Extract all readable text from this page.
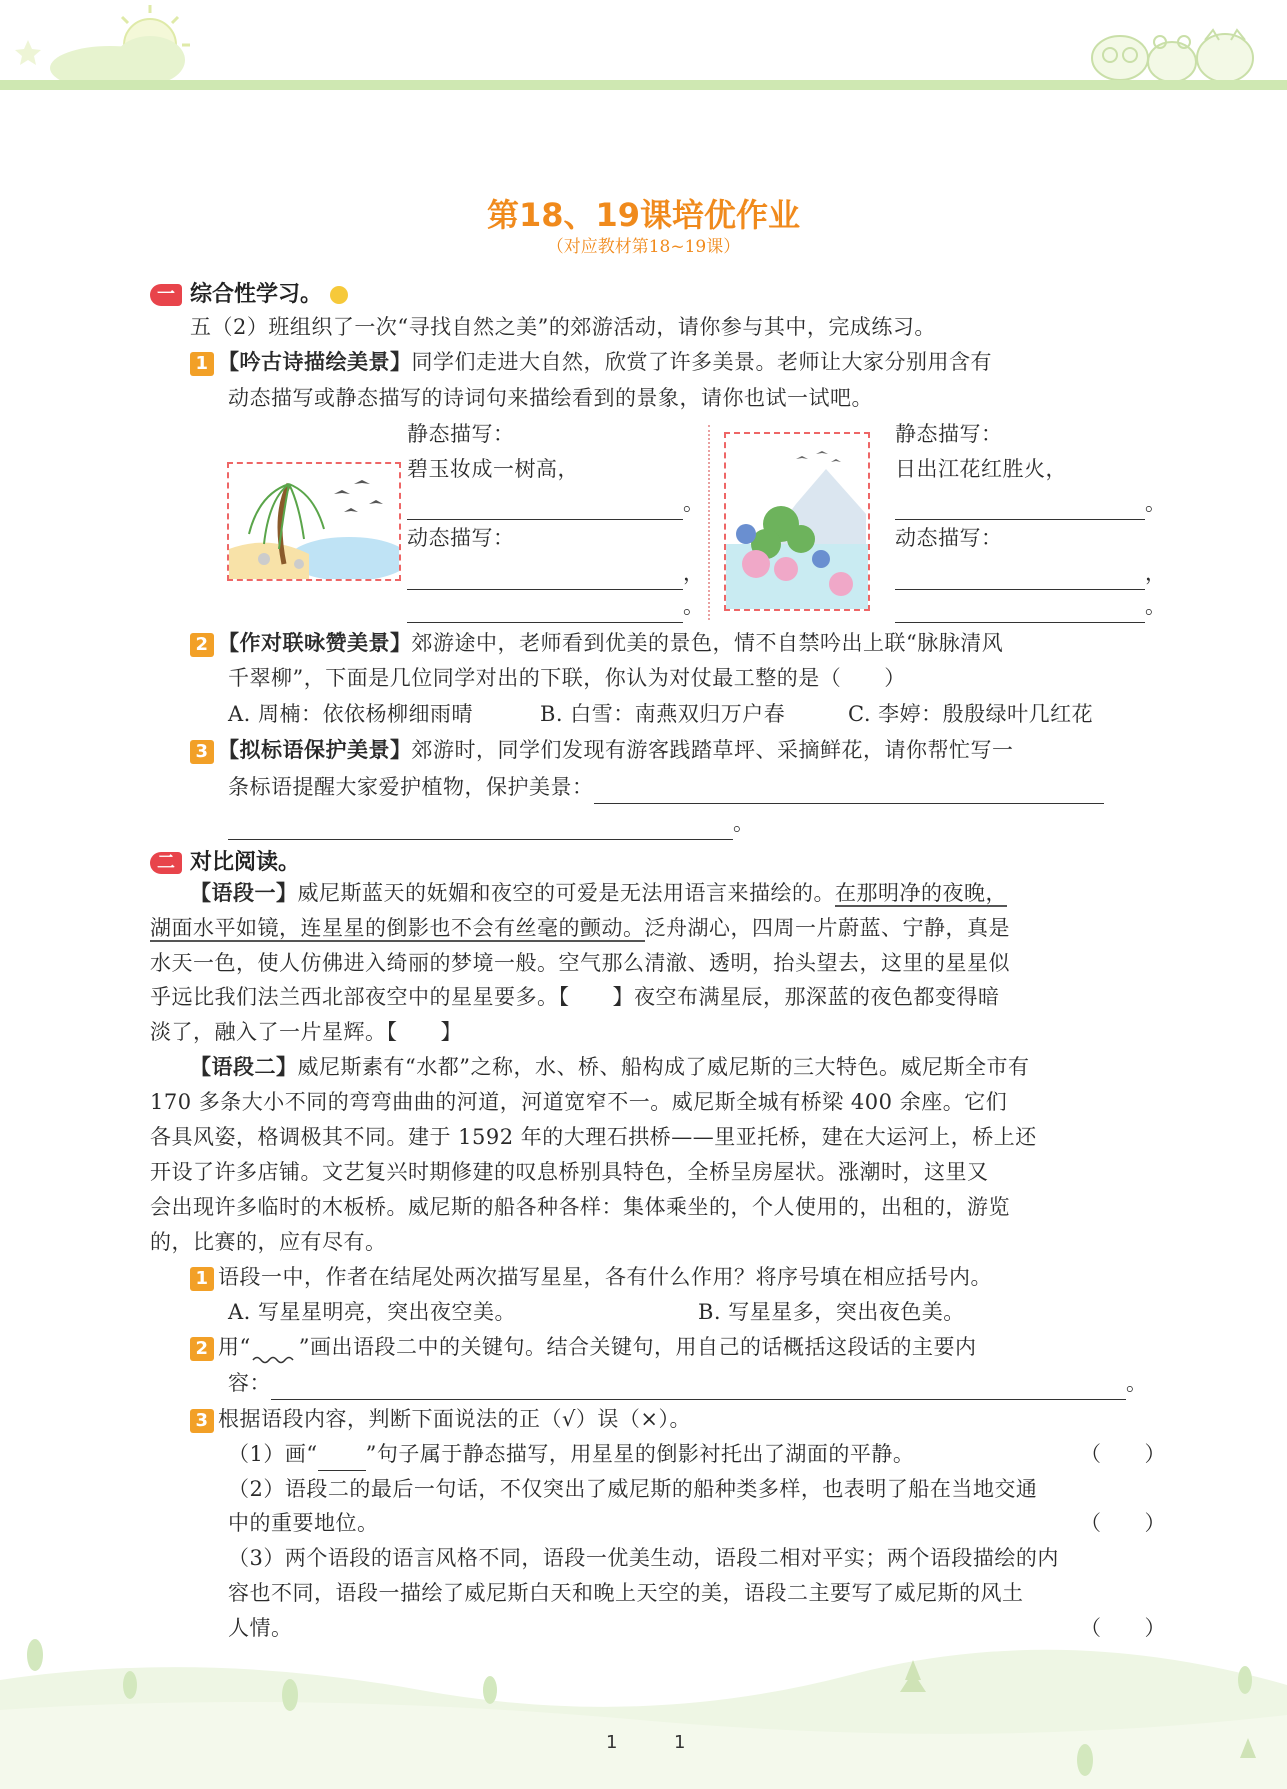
第18、19课培优作业
（对应教材第18~19课）
一 综合性学习。
五（2）班组织了一次“寻找自然之美”的郊游活动，请你参与其中，完成练习。
1 【吟古诗描绘美景】同学们走进大自然，欣赏了许多美景。老师让大家分别用含有
动态描写或静态描写的诗词句来描绘看到的景象，请你也试一试吧。
静态描写：
碧玉妆成一树高，
。
动态描写：
，
。
静态描写：
日出江花红胜火，
。
动态描写：
，
。
2 【作对联咏赞美景】郊游途中，老师看到优美的景色，情不自禁吟出上联“脉脉清风
千翠柳”，下面是几位同学对出的下联，你认为对仗最工整的是（　　）
A. 周楠：依依杨柳细雨晴	B. 白雪：南燕双归万户春	C. 李婷：殷殷绿叶几红花
3 【拟标语保护美景】郊游时，同学们发现有游客践踏草坪、采摘鲜花，请你帮忙写一
条标语提醒大家爱护植物，保护美景：
。
二 对比阅读。
【语段一】威尼斯蓝天的妩媚和夜空的可爱是无法用语言来描绘的。在那明净的夜晚，
湖面水平如镜，连星星的倒影也不会有丝毫的颤动。泛舟湖心，四周一片蔚蓝、宁静，真是
水天一色，使人仿佛进入绮丽的梦境一般。空气那么清澈、透明，抬头望去，这里的星星似
乎远比我们法兰西北部夜空中的星星要多。【　　】夜空布满星辰，那深蓝的夜色都变得暗
淡了，融入了一片星辉。【　　】
【语段二】威尼斯素有“水都”之称，水、桥、船构成了威尼斯的三大特色。威尼斯全市有
170 多条大小不同的弯弯曲曲的河道，河道宽窄不一。威尼斯全城有桥梁 400 余座。它们
各具风姿，格调极其不同。建于 1592 年的大理石拱桥——里亚托桥，建在大运河上，桥上还
开设了许多店铺。文艺复兴时期修建的叹息桥别具特色，全桥呈房屋状。涨潮时，这里又
会出现许多临时的木板桥。威尼斯的船各种各样：集体乘坐的，个人使用的，出租的，游览
的，比赛的，应有尽有。
1 语段一中，作者在结尾处两次描写星星，各有什么作用？将序号填在相应括号内。
A. 写星星明亮，突出夜空美。	B. 写星星多，突出夜色美。
2 用“ ”画出语段二中的关键句。结合关键句，用自己的话概括这段话的主要内
容：	。
3 根据语段内容，判断下面说法的正（√）误（×）。
（1）画“ ”句子属于静态描写，用星星的倒影衬托出了湖面的平静。	（　　）
（2）语段二的最后一句话，不仅突出了威尼斯的船种类多样，也表明了船在当地交通
中的重要地位。	（　　）
（3）两个语段的语言风格不同，语段一优美生动，语段二相对平实；两个语段描绘的内
容也不同，语段一描绘了威尼斯白天和晚上天空的美，语段二主要写了威尼斯的风土
人情。	（　　）
1	1
